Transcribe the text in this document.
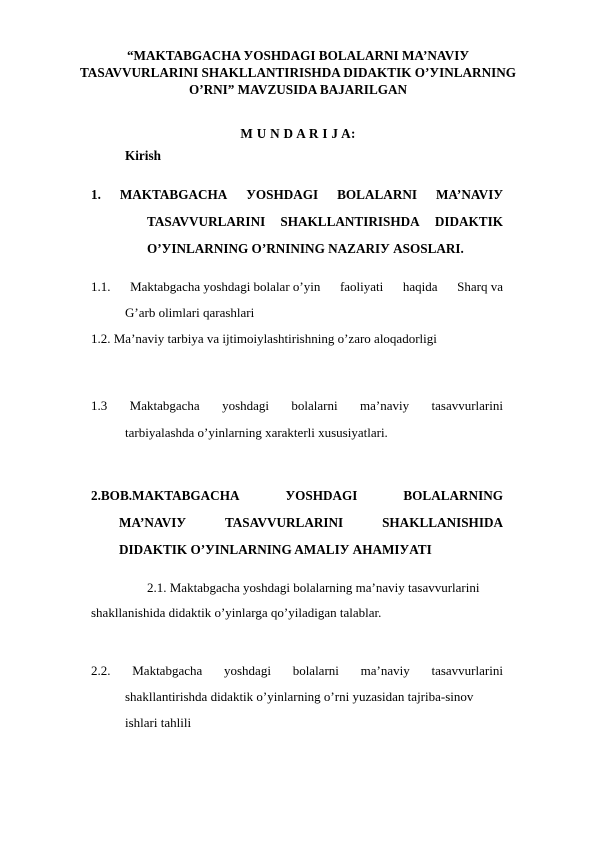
“MAKTABGACHA УOSHDAGI BOLALARNI MA’NAVIУ
TASAVVURLARINI SHAKLLANTIRISHDA DIDAKTIK O’УINLARNING
O’RNI” MAVZUSIDA BAJARILGAN
M U N D A R I J A:
Kirish
1. MAKTABGACHA УOSHDAGI BOLALARNI MA’NAVIУ
TASAVVURLARINI SHAKLLANTIRISHDA DIDAKTIK
O’УINLARNING O’RNINING NAZARIУ ASOSLARI.
1.1. Maktabgacha yoshdagi bolalar o’yin faoliyati haqida Sharq va
G’arb olimlari qarashlari
1.2. Ma’naviy tarbiya va ijtimoiylashtirishning o’zaro aloqadorligi
1.3 Maktabgacha yoshdagi bolalarni ma’naviy tasavvurlarini
tarbiyalashda o’yinlarning xarakterli xususiyatlari.
2.BOB.MAKTABGACHA	УOSHDAGI	BOLALARNING
MA’NAVIУ	TASAVVURLARINI	SHAKLLANISHIDA
DIDAKTIK O’УINLARNING AMALIУ AHAMIУATI
2.1. Maktabgacha yoshdagi bolalarning ma’naviy tasavvurlarini
shakllanishida didaktik o’yinlarga qo’yiladigan talablar.
2.2. Maktabgacha yoshdagi bolalarni ma’naviy tasavvurlarini
shakllantirishda didaktik o’yinlarning o’rni yuzasidan tajriba-sinov
ishlari tahlili
